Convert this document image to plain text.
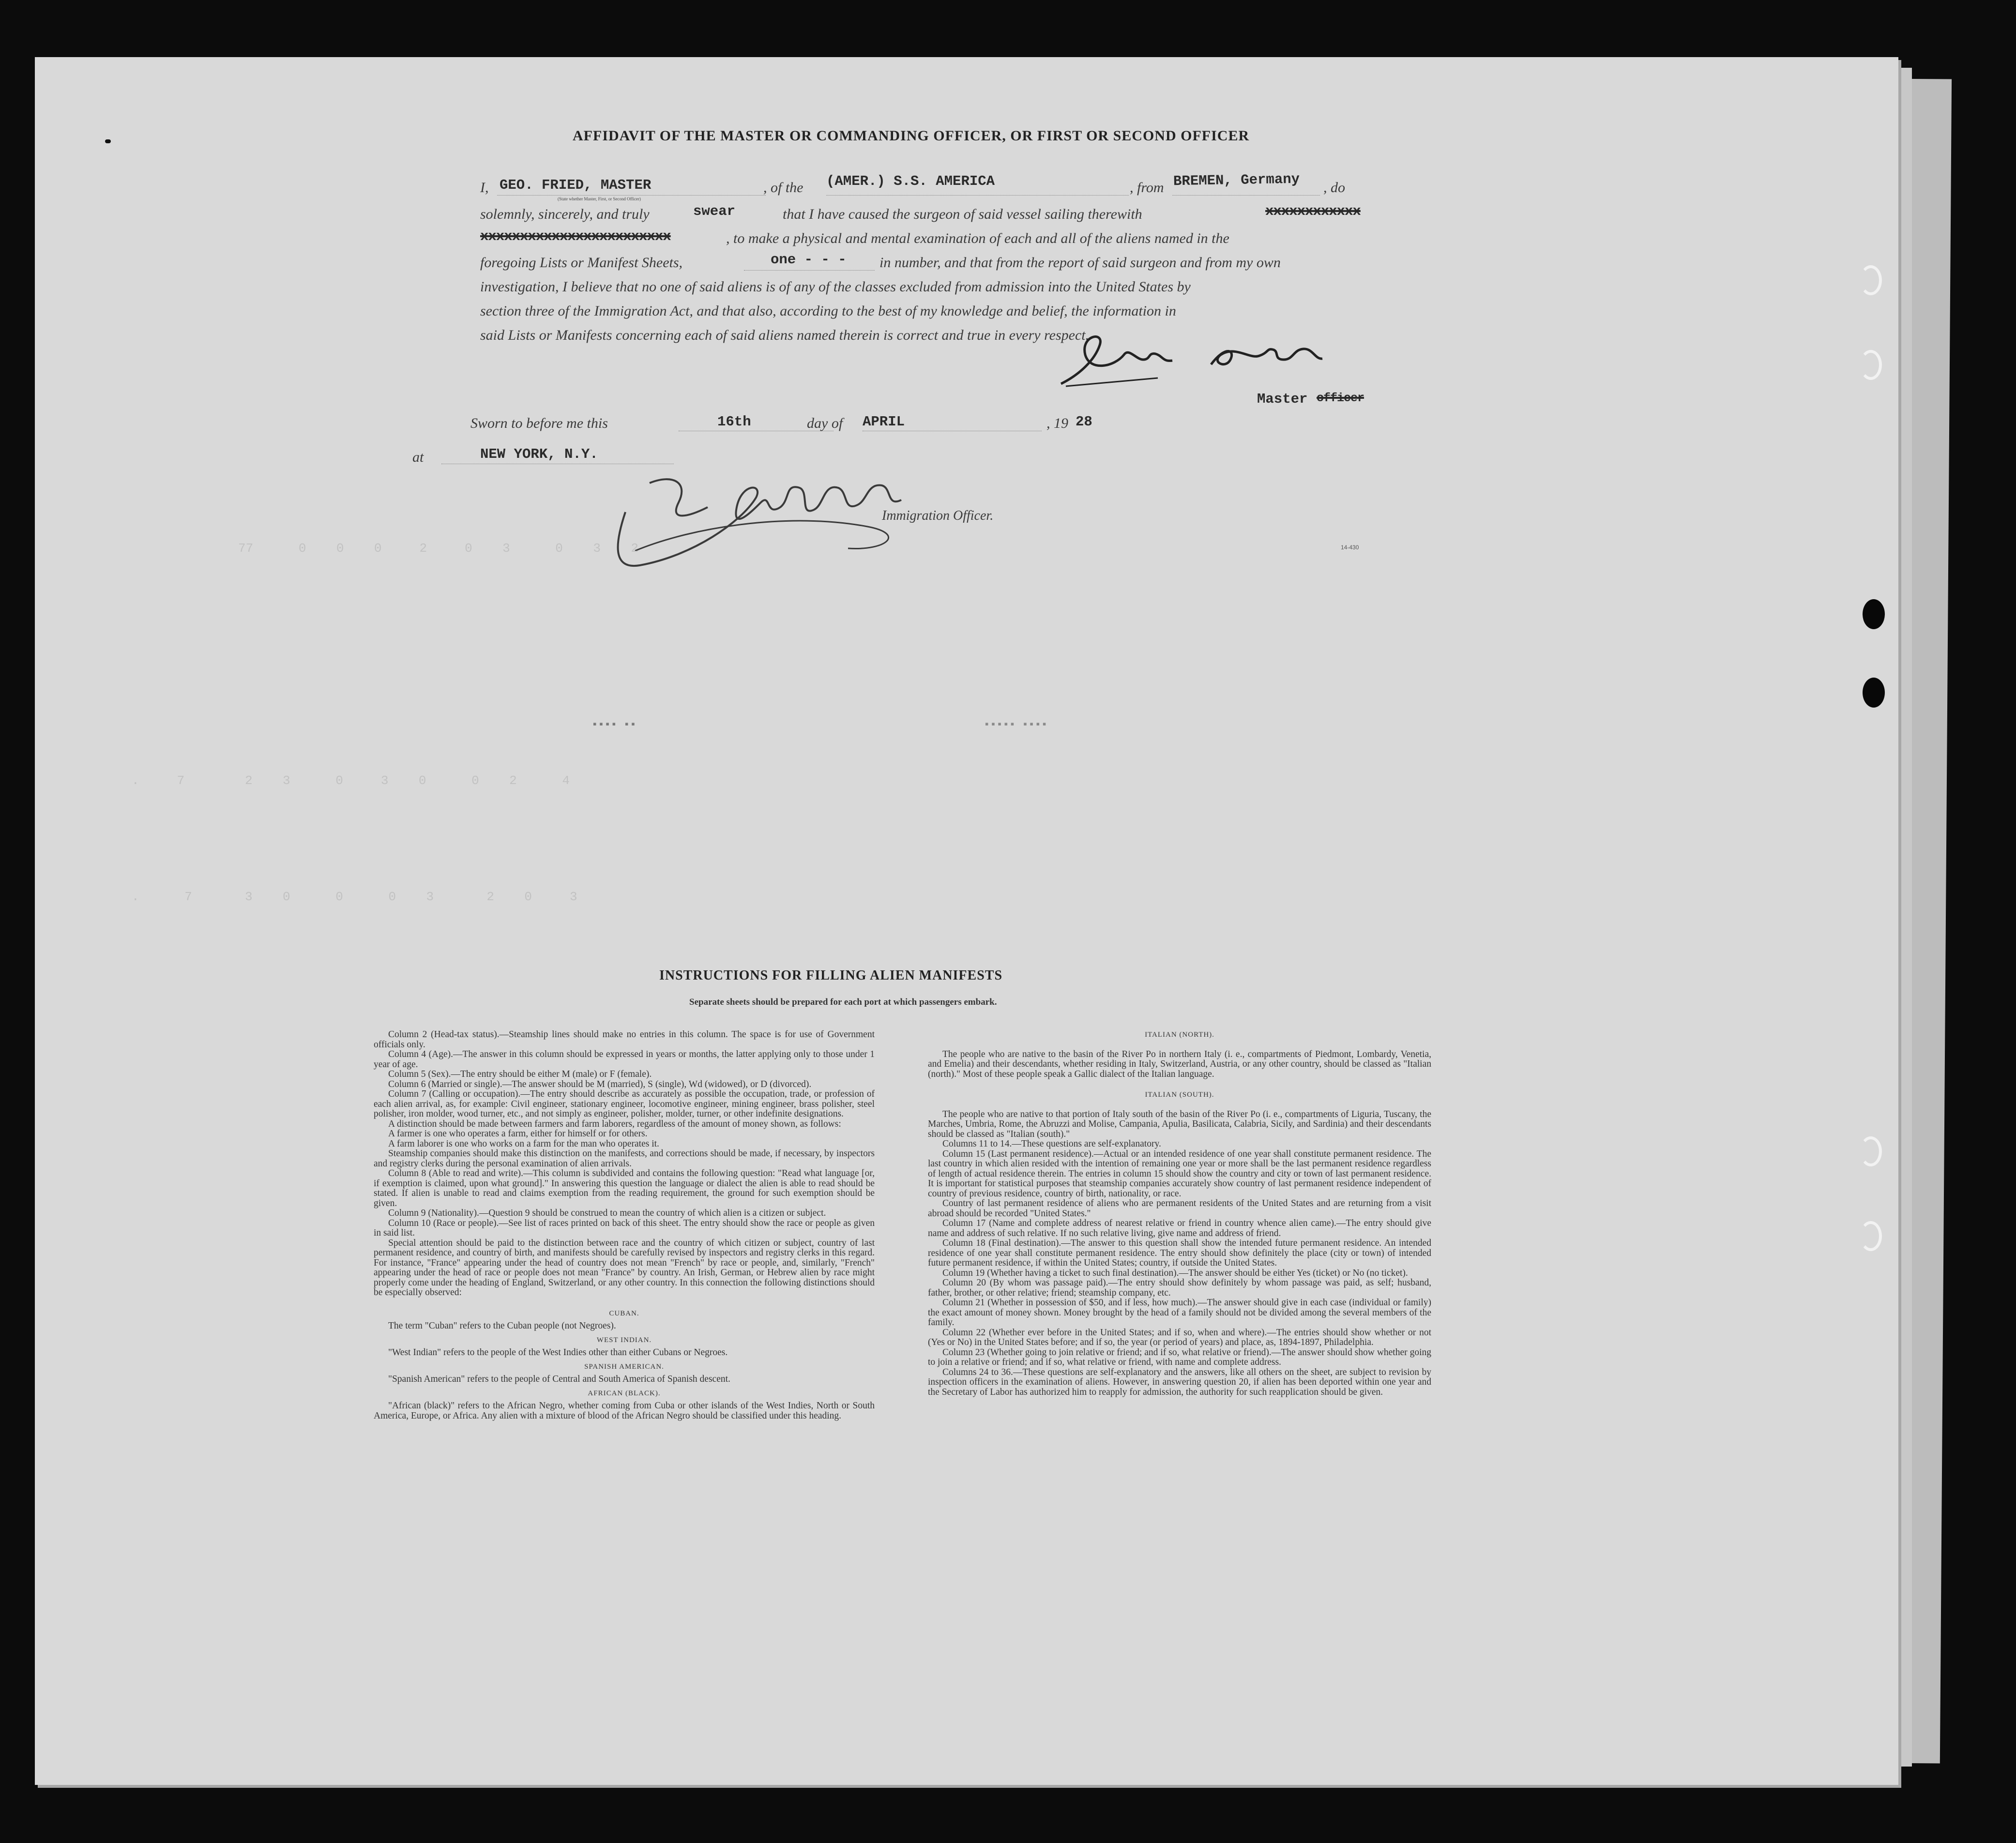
AFFIDAVIT OF THE MASTER OR COMMANDING OFFICER, OR FIRST OR SECOND OFFICER
I, GEO. FRIED, MASTER
(State whether Master, First, or Second Officer)
, of the (AMER.) S.S. AMERICA	, from BREMEN, Germany , do
solemnly, sincerely, and truly	swear	that I have caused the surgeon of said vessel sailing therewith	xxxxxxxxxxxx
xxxxxxxxxxxxxxxxxxxxxxxx	, to make a physical and mental examination of each and all of the aliens named in the
foregoing Lists or Manifest Sheets,	one - - - in number, and that from the report of said surgeon and from my own
investigation, I believe that no one of said aliens is of any of the classes excluded from admission into the United States by
section three of the Immigration Act, and that also, according to the best of my knowledge and belief, the information in
said Lists or Manifests concerning each of said aliens named therein is correct and true in every respect.
Master officer
Sworn to before me this	16th	day of APRIL	, 19 28
at	NEW YORK, N.Y.
Immigration Officer.
14-430
77      0    0    0     2     0    3      0    3    2
.     7        2    3      0     3    0      0    2      4
.      7       3    0      0      0    3       2    0     3
▪▪▪▪ ▪▪	▪▪▪▪▪ ▪▪▪▪
INSTRUCTIONS FOR FILLING ALIEN MANIFESTS
Separate sheets should be prepared for each port at which passengers embark.

Column 2 (Head-tax status).—Steamship lines should make no entries in this column. The space is for use of Government officials only.

Column 4 (Age).—The answer in this column should be expressed in years or months, the latter applying only to those under 1 year of age.

Column 5 (Sex).—The entry should be either M (male) or F (female).

Column 6 (Married or single).—The answer should be M (married), S (single), Wd (widowed), or D (divorced).

Column 7 (Calling or occupation).—The entry should describe as accurately as possible the occupation, trade, or profession of each alien arrival, as, for example: Civil engineer, stationary engineer, locomotive engineer, mining engineer, brass polisher, steel polisher, iron molder, wood turner, etc., and not simply as engineer, polisher, molder, turner, or other indefinite designations.

A distinction should be made between farmers and farm laborers, regardless of the amount of money shown, as follows:

A farmer is one who operates a farm, either for himself or for others.

A farm laborer is one who works on a farm for the man who operates it.

Steamship companies should make this distinction on the manifests, and corrections should be made, if necessary, by inspectors and registry clerks during the personal examination of alien arrivals.

Column 8 (Able to read and write).—This column is subdivided and contains the following question: "Read what language [or, if exemption is claimed, upon what ground]." In answering this question the language or dialect the alien is able to read should be stated. If alien is unable to read and claims exemption from the reading requirement, the ground for such exemption should be given.

Column 9 (Nationality).—Question 9 should be construed to mean the country of which alien is a citizen or subject.

Column 10 (Race or people).—See list of races printed on back of this sheet. The entry should show the race or people as given in said list.

Special attention should be paid to the distinction between race and the country of which citizen or subject, country of last permanent residence, and country of birth, and manifests should be carefully revised by inspectors and registry clerks in this regard. For instance, "France" appearing under the head of country does not mean "French" by race or people, and, similarly, "French" appearing under the head of race or people does not mean "France" by country. An Irish, German, or Hebrew alien by race might properly come under the heading of England, Switzerland, or any other country. In this connection the following distinctions should be especially observed:

CUBAN.

The term "Cuban" refers to the Cuban people (not Negroes).

WEST INDIAN.

"West Indian" refers to the people of the West Indies other than either Cubans or Negroes.

SPANISH AMERICAN.

"Spanish American" refers to the people of Central and South America of Spanish descent.

AFRICAN (BLACK).

"African (black)" refers to the African Negro, whether coming from Cuba or other islands of the West Indies, North or South America, Europe, or Africa. Any alien with a mixture of blood of the African Negro should be classified under this heading.

ITALIAN (NORTH).

The people who are native to the basin of the River Po in northern Italy (i. e., compartments of Piedmont, Lombardy, Venetia, and Emelia) and their descendants, whether residing in Italy, Switzerland, Austria, or any other country, should be classed as "Italian (north)." Most of these people speak a Gallic dialect of the Italian language.

ITALIAN (SOUTH).

The people who are native to that portion of Italy south of the basin of the River Po (i. e., compartments of Liguria, Tuscany, the Marches, Umbria, Rome, the Abruzzi and Molise, Campania, Apulia, Basilicata, Calabria, Sicily, and Sardinia) and their descendants should be classed as "Italian (south)."

Columns 11 to 14.—These questions are self-explanatory.

Column 15 (Last permanent residence).—Actual or an intended residence of one year shall constitute permanent residence. The last country in which alien resided with the intention of remaining one year or more shall be the last permanent residence regardless of length of actual residence therein. The entries in column 15 should show the country and city or town of last permanent residence. It is important for statistical purposes that steamship companies accurately show country of last permanent residence independent of country of previous residence, country of birth, nationality, or race.

Country of last permanent residence of aliens who are permanent residents of the United States and are returning from a visit abroad should be recorded "United States."

Column 17 (Name and complete address of nearest relative or friend in country whence alien came).—The entry should give name and address of such relative. If no such relative living, give name and address of friend.

Column 18 (Final destination).—The answer to this question shall show the intended future permanent residence. An intended residence of one year shall constitute permanent residence. The entry should show definitely the place (city or town) of intended future permanent residence, if within the United States; country, if outside the United States.

Column 19 (Whether having a ticket to such final destination).—The answer should be either Yes (ticket) or No (no ticket).

Column 20 (By whom was passage paid).—The entry should show definitely by whom passage was paid, as self; husband, father, brother, or other relative; friend; steamship company, etc.

Column 21 (Whether in possession of $50, and if less, how much).—The answer should give in each case (individual or family) the exact amount of money shown. Money brought by the head of a family should not be divided among the several members of the family.

Column 22 (Whether ever before in the United States; and if so, when and where).—The entries should show whether or not (Yes or No) in the United States before; and if so, the year (or period of years) and place, as, 1894-1897, Philadelphia.

Column 23 (Whether going to join relative or friend; and if so, what relative or friend).—The answer should show whether going to join a relative or friend; and if so, what relative or friend, with name and complete address.

Columns 24 to 36.—These questions are self-explanatory and the answers, like all others on the sheet, are subject to revision by inspection officers in the examination of aliens. However, in answering question 20, if alien has been deported within one year and the Secretary of Labor has authorized him to reapply for admission, the authority for such reapplication should be given.
